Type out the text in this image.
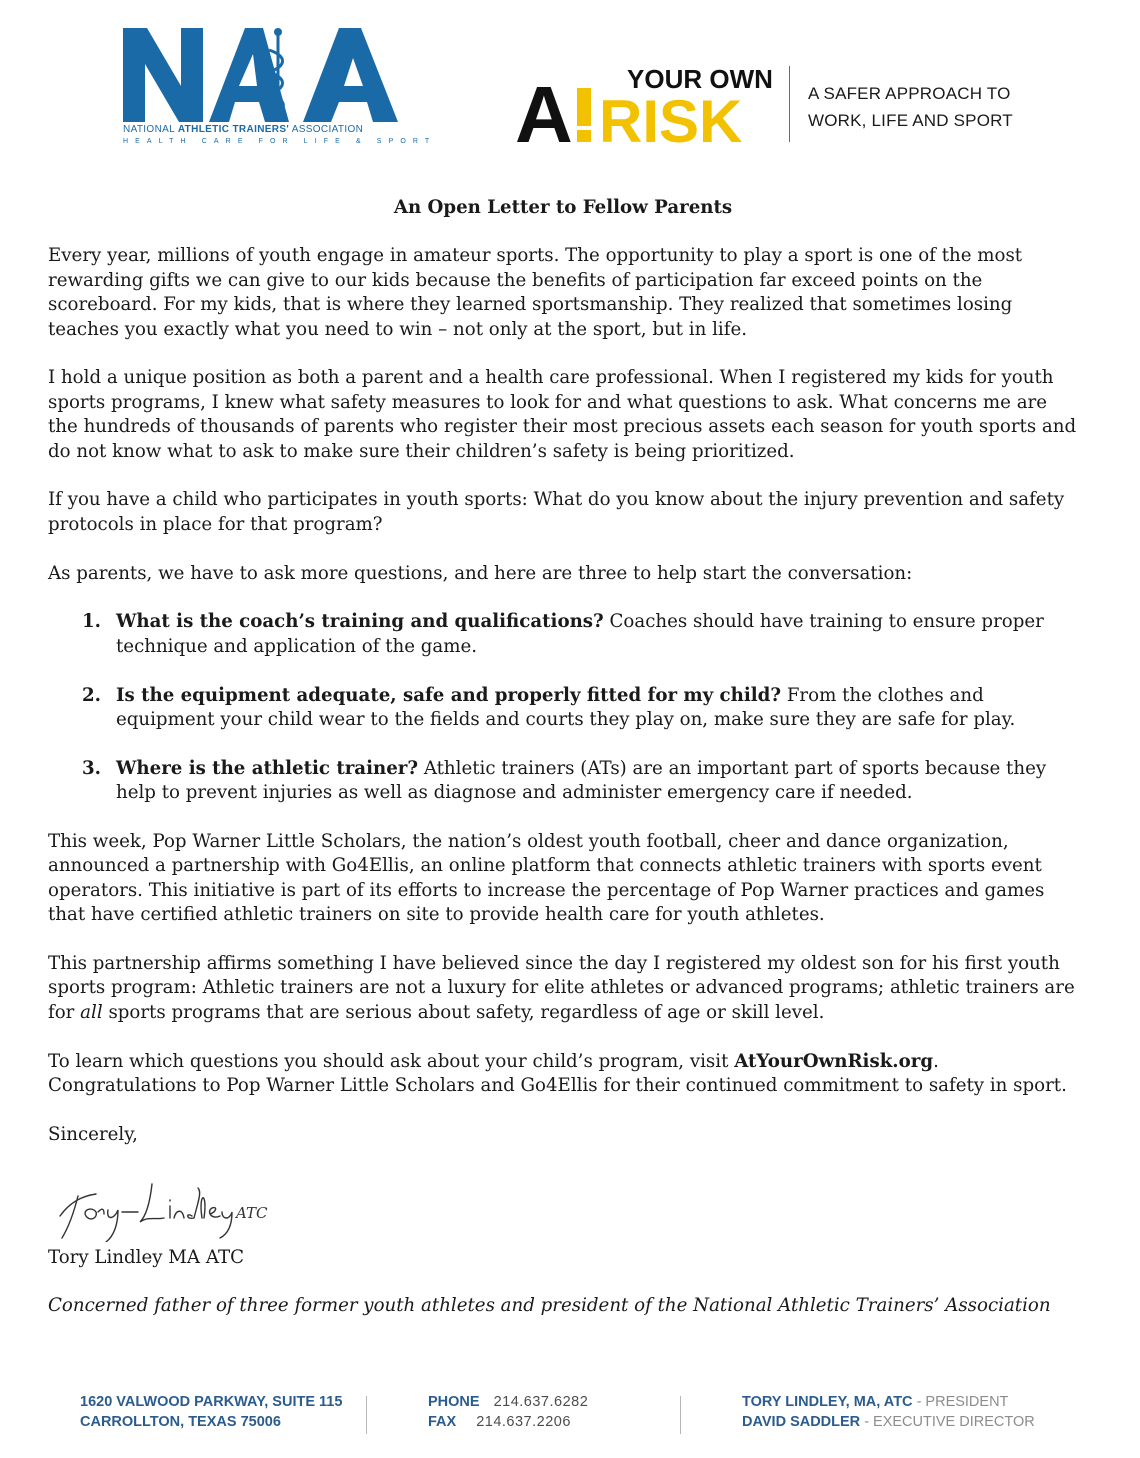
NATIONAL ATHLETIC TRAINERS' ASSOCIATION
HEALTH CARE FOR LIFE & SPORT A YOUR OWN
RISK	A SAFER APPROACH TO
WORK, LIFE AND SPORT
An Open Letter to Fellow Parents

Every year, millions of youth engage in amateur sports. The opportunity to play a sport is one of the most rewarding gifts we can give to our kids because the benefits of participation far exceed points on the scoreboard. For my kids, that is where they learned sportsmanship. They realized that sometimes losing teaches you exactly what you need to win – not only at the sport, but in life.

I hold a unique position as both a parent and a health care professional. When I registered my kids for youth sports programs, I knew what safety measures to look for and what questions to ask. What concerns me are the hundreds of thousands of parents who register their most precious assets each season for youth sports and do not know what to ask to make sure their children’s safety is being prioritized.

If you have a child who participates in youth sports: What do you know about the injury prevention and safety protocols in place for that program?

As parents, we have to ask more questions, and here are three to help start the conversation:

1. What is the coach’s training and qualifications? Coaches should have training to ensure proper technique and application of the game.
2. Is the equipment adequate, safe and properly fitted for my child? From the clothes and equipment your child wear to the fields and courts they play on, make sure they are safe for play.
3. Where is the athletic trainer? Athletic trainers (ATs) are an important part of sports because they help to prevent injuries as well as diagnose and administer emergency care if needed.

This week, Pop Warner Little Scholars, the nation’s oldest youth football, cheer and dance organization, announced a partnership with Go4Ellis, an online platform that connects athletic trainers with sports event operators. This initiative is part of its efforts to increase the percentage of Pop Warner practices and games that have certified athletic trainers on site to provide health care for youth athletes.

This partnership affirms something I have believed since the day I registered my oldest son for his first youth sports program: Athletic trainers are not a luxury for elite athletes or advanced programs; athletic trainers are for all sports programs that are serious about safety, regardless of age or skill level.

To learn which questions you should ask about your child’s program, visit AtYourOwnRisk.org. Congratulations to Pop Warner Little Scholars and Go4Ellis for their continued commitment to safety in sport.

Sincerely,

ATC

Tory Lindley MA ATC

Concerned father of three former youth athletes and president of the National Athletic Trainers’ Association

1620 VALWOOD PARKWAY, SUITE 115
CARROLLTON, TEXAS 75006
PHONE 214.637.6282
FAX 214.637.2206
TORY LINDLEY, MA, ATC - PRESIDENT
DAVID SADDLER - EXECUTIVE DIRECTOR
